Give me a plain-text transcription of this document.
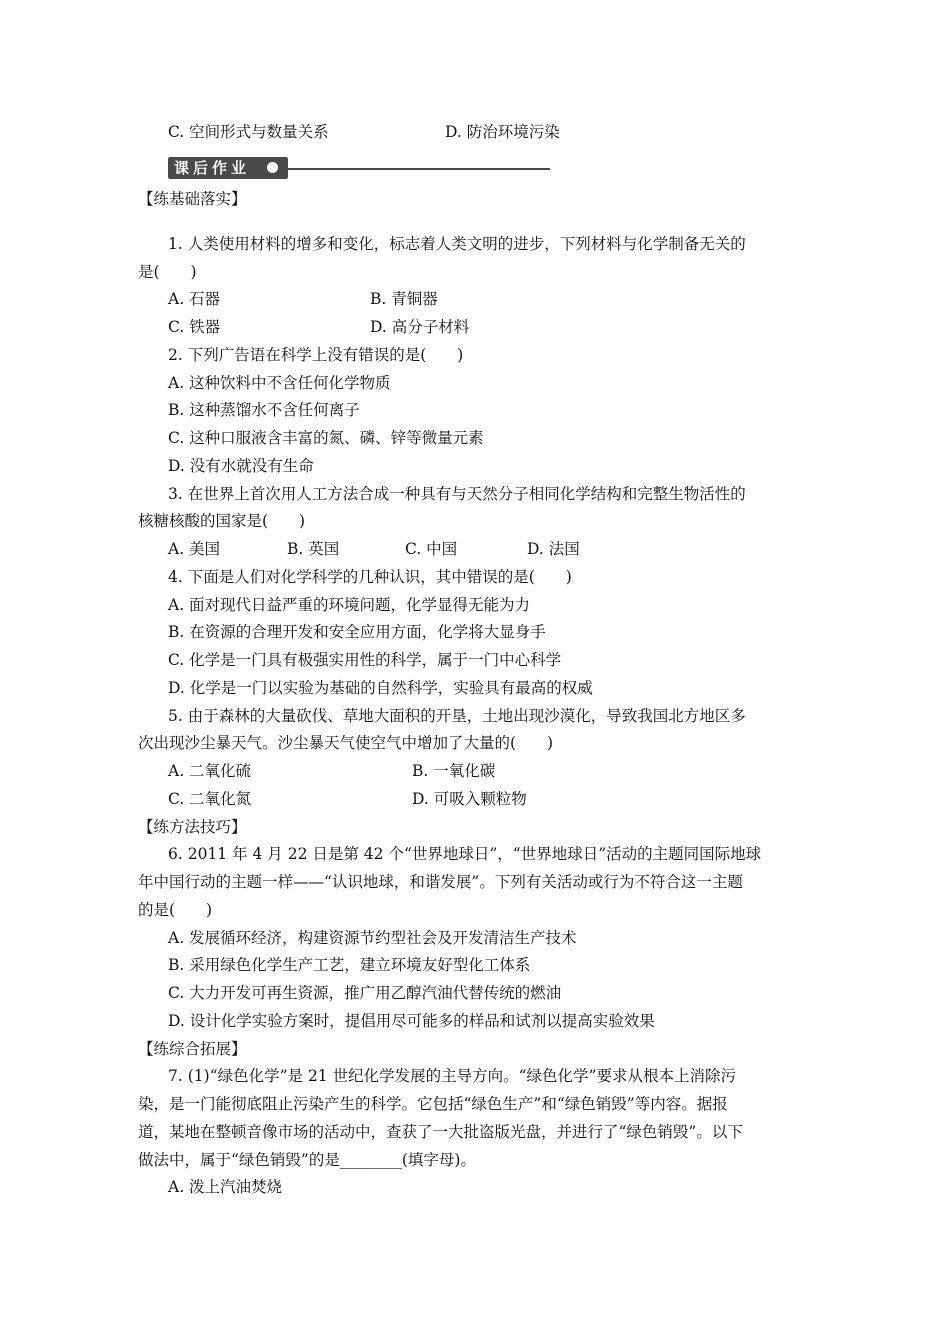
C. 空间形式与数量关系	D. 防治环境污染
课后作业
【练基础落实】
1. 人类使用材料的增多和变化，标志着人类文明的进步，下列材料与化学制备无关的
是(　　)
A. 石器	B. 青铜器
C. 铁器	D. 高分子材料
2. 下列广告语在科学上没有错误的是(　　)
A. 这种饮料中不含任何化学物质
B. 这种蒸馏水不含任何离子
C. 这种口服液含丰富的氮、磷、锌等微量元素
D. 没有水就没有生命
3. 在世界上首次用人工方法合成一种具有与天然分子相同化学结构和完整生物活性的
核糖核酸的国家是(　　)
A. 美国	B. 英国	C. 中国	D. 法国
4. 下面是人们对化学科学的几种认识，其中错误的是(　　)
A. 面对现代日益严重的环境问题，化学显得无能为力
B. 在资源的合理开发和安全应用方面，化学将大显身手
C. 化学是一门具有极强实用性的科学，属于一门中心科学
D. 化学是一门以实验为基础的自然科学，实验具有最高的权威
5. 由于森林的大量砍伐、草地大面积的开垦，土地出现沙漠化，导致我国北方地区多
次出现沙尘暴天气。沙尘暴天气使空气中增加了大量的(　　)
A. 二氧化硫	B. 一氧化碳
C. 二氧化氮	D. 可吸入颗粒物
【练方法技巧】
6. 2011 年 4 月 22 日是第 42 个“世界地球日”，“世界地球日”活动的主题同国际地球
年中国行动的主题一样——“认识地球，和谐发展”。下列有关活动或行为不符合这一主题
的是(　　)
A. 发展循环经济，构建资源节约型社会及开发清洁生产技术
B. 采用绿色化学生产工艺，建立环境友好型化工体系
C. 大力开发可再生资源，推广用乙醇汽油代替传统的燃油
D. 设计化学实验方案时，提倡用尽可能多的样品和试剂以提高实验效果
【练综合拓展】
7. (1)“绿色化学”是 21 世纪化学发展的主导方向。“绿色化学”要求从根本上消除污
染，是一门能彻底阻止污染产生的科学。它包括“绿色生产”和“绿色销毁”等内容。据报
道，某地在整顿音像市场的活动中，查获了一大批盗版光盘，并进行了“绿色销毁”。以下
做法中，属于“绿色销毁”的是________(填字母)。
A. 泼上汽油焚烧
